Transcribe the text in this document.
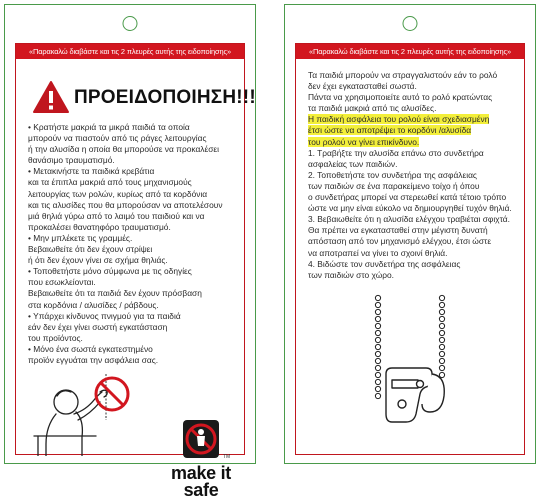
«Παρακαλώ διαβάστε και τις 2 πλευρές αυτής της ειδοποίησης»
ΠΡΟΕΙΔΟΠΟΙΗΣΗ!!!
• Κρατήστε μακριά τα μικρά παιδιά τα οποία
μπορούν να πιαστούν από τις ράγες λειτουργίας
ή την αλυσίδα η οποία θα μπορούσε να προκαλέσει
θανάσιμο τραυματισμό.
• Μετακινήστε τα παιδικά κρεβάτια
και τα έπιπλα μακριά από τους μηχανισμούς
λειτουργίας των ρολών, κυρίως από τα κορδόνια
και τις αλυσίδες που θα μπορούσαν να αποτελέσουν
μιά θηλιά γύρω από το λαιμό του παιδιού και να
προκαλέσει θανατηφόρο τραυματισμό.
• Μην μπλέκετε τις γραμμές.
Βεβαιωθείτε ότι δεν έχουν στρίψει
ή ότι δεν έχουν γίνει σε σχήμα θηλιάς.
• Τοποθετήστε μόνο σύμφωνα με τις οδηγίες
που εσωκλείονται.
Βεβαιωθείτε ότι τα παιδιά δεν έχουν πρόσβαση
στα κορδόνια / αλυσίδες / ράβδους.
• Υπάρχει κίνδυνος πνιγμού για τα παιδιά
εάν δεν έχει γίνει σωστή εγκατάσταση
του προϊόντος.
• Μόνο ένα σωστά εγκατεστημένο
προϊόν εγγυάται την ασφάλεια σας.
TM
make it
safe
«Παρακαλώ διαβάστε και τις 2 πλευρές αυτής της ειδοποίησης»
Τα παιδιά μπορούν να στραγγαλιστούν εάν το ρολό
δεν έχει εγκατασταθεί σωστά.
Πάντα να χρησιμοποιείτε αυτό το ρολό κρατώντας
τα παιδιά μακριά από τις αλυσίδες.
Η παιδική ασφάλεια του ρολού είναι σχεδιασμένη
έτσι ώστε να αποτρέψει το κορδόνι /αλυσίδα
του ρολού να γίνει επικίνδυνο.
1. Τραβήξτε την αλυσίδα επάνω στο συνδετήρα
ασφαλείας των παιδιών.
2. Τοποθετήστε τον συνδετήρα της ασφάλειας
των παιδιών σε ένα παρακείμενο τοίχο ή όπου
ο συνδετήρας μπορεί να στερεωθεί κατά τέτοιο τρόπο
ώστε να μην είναι εύκολο να δημιουργηθεί τυχόν θηλιά.
3. Βεβαιωθείτε ότι η αλυσίδα ελέγχου τραβιέται σφιχτά.
Θα πρέπει να εγκατασταθεί στην μέγιστη δυνατή
απόσταση από τον μηχανισμό ελέγχου, έτσι ώστε
να αποτραπεί να γίνει το σχοινί θηλιά.
4. Βιδώστε τον συνδετήρα της ασφάλειας
των παιδιών στο χώρο.
